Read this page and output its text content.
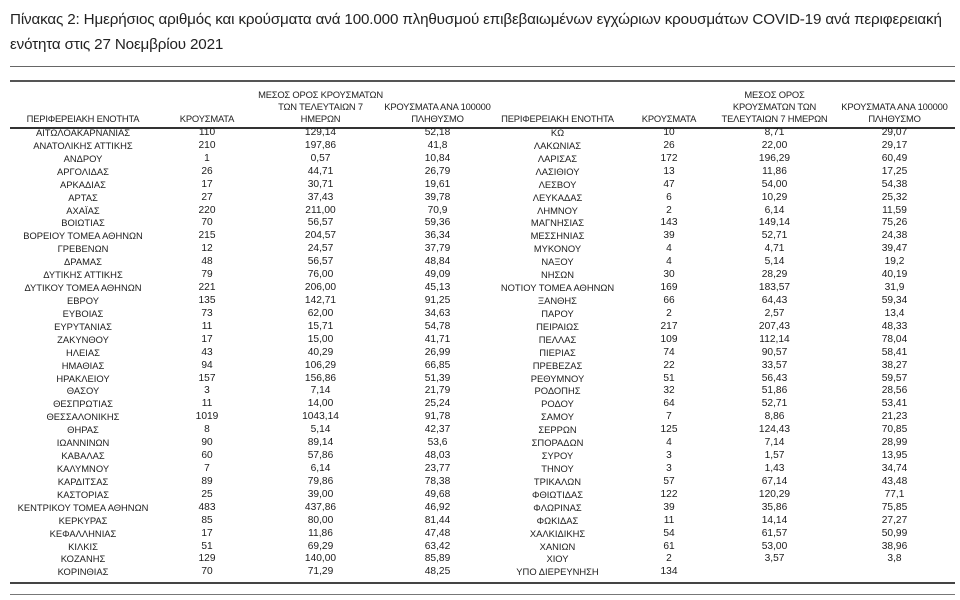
Πίνακας 2: Ημερήσιος αριθμός και κρούσματα ανά 100.000 πληθυσμού επιβεβαιωμένων εγχώριων κρουσμάτων COVID-19 ανά περιφερειακή ενότητα στις 27 Νοεμβρίου 2021
ΠΕΡΙΦΕΡΕΙΑΚΗ ΕΝΟΤΗΤΑ	ΚΡΟΥΣΜΑΤΑ	ΜΕΣΟΣ ΟΡΟΣ ΚΡΟΥΣΜΑΤΩΝ ΤΩΝ ΤΕΛΕΥΤΑΙΩΝ 7 ΗΜΕΡΩΝ	ΚΡΟΥΣΜΑΤΑ ΑΝΑ 100000 ΠΛΗΘΥΣΜΟ	ΠΕΡΙΦΕΡΕΙΑΚΗ ΕΝΟΤΗΤΑ	ΚΡΟΥΣΜΑΤΑ	ΜΕΣΟΣ ΟΡΟΣ ΚΡΟΥΣΜΑΤΩΝ ΤΩΝ ΤΕΛΕΥΤΑΙΩΝ 7 ΗΜΕΡΩΝ	ΚΡΟΥΣΜΑΤΑ ΑΝΑ 100000 ΠΛΗΘΥΣΜΟ
ΑΙΤΩΛΟΑΚΑΡΝΑΝΙΑΣ	110	129,14	52,18	ΚΩ	10	8,71	29,07
ΑΝΑΤΟΛΙΚΗΣ ΑΤΤΙΚΗΣ	210	197,86	41,8	ΛΑΚΩΝΙΑΣ	26	22,00	29,17
ΑΝΔΡΟΥ	1	0,57	10,84	ΛΑΡΙΣΑΣ	172	196,29	60,49
ΑΡΓΟΛΙΔΑΣ	26	44,71	26,79	ΛΑΣΙΘΙΟΥ	13	11,86	17,25
ΑΡΚΑΔΙΑΣ	17	30,71	19,61	ΛΕΣΒΟΥ	47	54,00	54,38
ΑΡΤΑΣ	27	37,43	39,78	ΛΕΥΚΑΔΑΣ	6	10,29	25,32
ΑΧΑΪΑΣ	220	211,00	70,9	ΛΗΜΝΟΥ	2	6,14	11,59
ΒΟΙΩΤΙΑΣ	70	56,57	59,36	ΜΑΓΝΗΣΙΑΣ	143	149,14	75,26
ΒΟΡΕΙΟΥ ΤΟΜΕΑ ΑΘΗΝΩΝ	215	204,57	36,34	ΜΕΣΣΗΝΙΑΣ	39	52,71	24,38
ΓΡΕΒΕΝΩΝ	12	24,57	37,79	ΜΥΚΟΝΟΥ	4	4,71	39,47
ΔΡΑΜΑΣ	48	56,57	48,84	ΝΑΞΟΥ	4	5,14	19,2
ΔΥΤΙΚΗΣ ΑΤΤΙΚΗΣ	79	76,00	49,09	ΝΗΣΩΝ	30	28,29	40,19
ΔΥΤΙΚΟΥ ΤΟΜΕΑ ΑΘΗΝΩΝ	221	206,00	45,13	ΝΟΤΙΟΥ ΤΟΜΕΑ ΑΘΗΝΩΝ	169	183,57	31,9
ΕΒΡΟΥ	135	142,71	91,25	ΞΑΝΘΗΣ	66	64,43	59,34
ΕΥΒΟΙΑΣ	73	62,00	34,63	ΠΑΡΟΥ	2	2,57	13,4
ΕΥΡΥΤΑΝΙΑΣ	11	15,71	54,78	ΠΕΙΡΑΙΩΣ	217	207,43	48,33
ΖΑΚΥΝΘΟΥ	17	15,00	41,71	ΠΕΛΛΑΣ	109	112,14	78,04
ΗΛΕΙΑΣ	43	40,29	26,99	ΠΙΕΡΙΑΣ	74	90,57	58,41
ΗΜΑΘΙΑΣ	94	106,29	66,85	ΠΡΕΒΕΖΑΣ	22	33,57	38,27
ΗΡΑΚΛΕΙΟΥ	157	156,86	51,39	ΡΕΘΥΜΝΟΥ	51	56,43	59,57
ΘΑΣΟΥ	3	7,14	21,79	ΡΟΔΟΠΗΣ	32	51,86	28,56
ΘΕΣΠΡΩΤΙΑΣ	11	14,00	25,24	ΡΟΔΟΥ	64	52,71	53,41
ΘΕΣΣΑΛΟΝΙΚΗΣ	1019	1043,14	91,78	ΣΑΜΟΥ	7	8,86	21,23
ΘΗΡΑΣ	8	5,14	42,37	ΣΕΡΡΩΝ	125	124,43	70,85
ΙΩΑΝΝΙΝΩΝ	90	89,14	53,6	ΣΠΟΡΑΔΩΝ	4	7,14	28,99
ΚΑΒΑΛΑΣ	60	57,86	48,03	ΣΥΡΟΥ	3	1,57	13,95
ΚΑΛΥΜΝΟΥ	7	6,14	23,77	ΤΗΝΟΥ	3	1,43	34,74
ΚΑΡΔΙΤΣΑΣ	89	79,86	78,38	ΤΡΙΚΑΛΩΝ	57	67,14	43,48
ΚΑΣΤΟΡΙΑΣ	25	39,00	49,68	ΦΘΙΩΤΙΔΑΣ	122	120,29	77,1
ΚΕΝΤΡΙΚΟΥ ΤΟΜΕΑ ΑΘΗΝΩΝ	483	437,86	46,92	ΦΛΩΡΙΝΑΣ	39	35,86	75,85
ΚΕΡΚΥΡΑΣ	85	80,00	81,44	ΦΩΚΙΔΑΣ	11	14,14	27,27
ΚΕΦΑΛΛΗΝΙΑΣ	17	11,86	47,48	ΧΑΛΚΙΔΙΚΗΣ	54	61,57	50,99
ΚΙΛΚΙΣ	51	69,29	63,42	ΧΑΝΙΩΝ	61	53,00	38,96
ΚΟΖΑΝΗΣ	129	140,00	85,89	ΧΙΟΥ	2	3,57	3,8
ΚΟΡΙΝΘΙΑΣ	70	71,29	48,25	ΥΠΟ ΔΙΕΡΕΥΝΗΣΗ	134		
